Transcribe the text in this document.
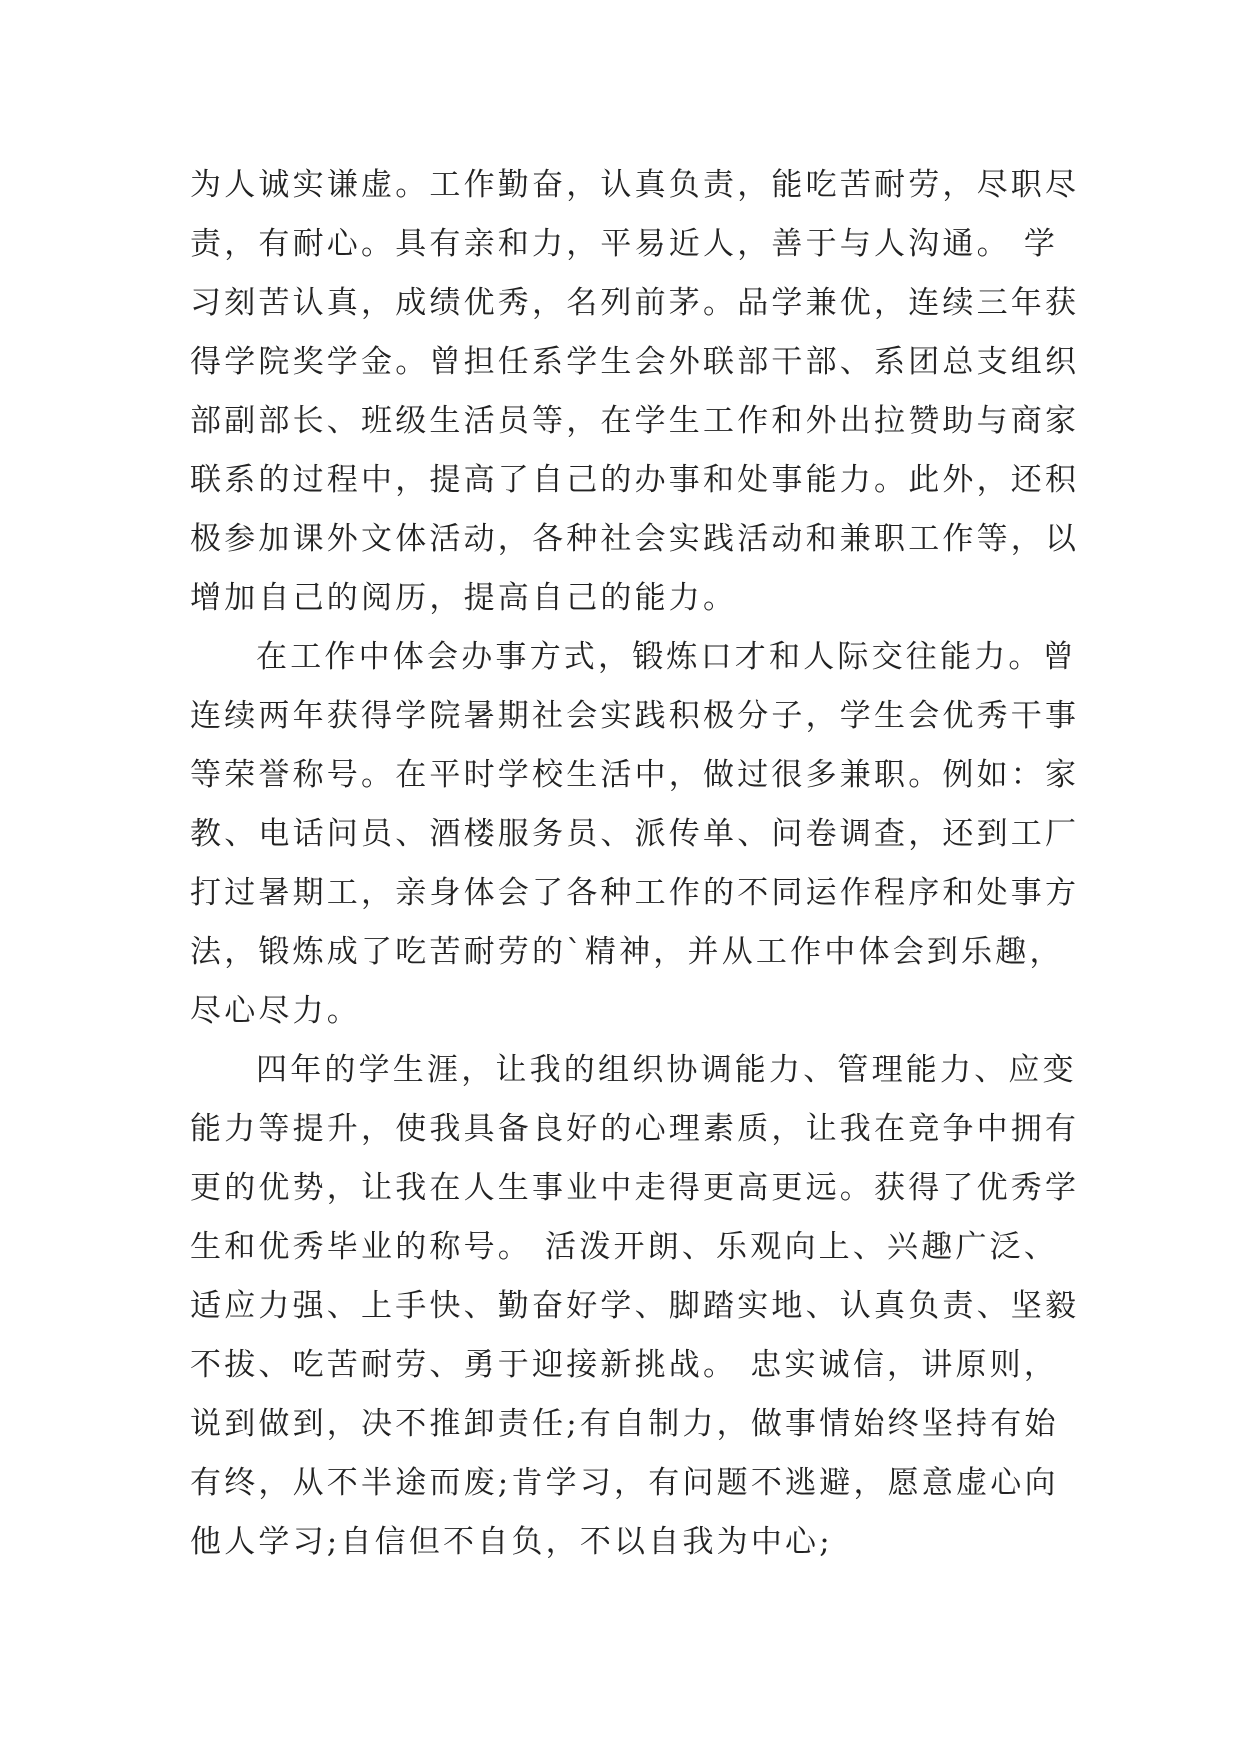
为人诚实谦虚。工作勤奋，认真负责，能吃苦耐劳，尽职尽
责，有耐心。具有亲和力，平易近人，善于与人沟通。 学
习刻苦认真，成绩优秀，名列前茅。品学兼优，连续三年获
得学院奖学金。曾担任系学生会外联部干部、系团总支组织
部副部长、班级生活员等，在学生工作和外出拉赞助与商家
联系的过程中，提高了自己的办事和处事能力。此外，还积
极参加课外文体活动，各种社会实践活动和兼职工作等，以
增加自己的阅历，提高自己的能力。
在工作中体会办事方式，锻炼口才和人际交往能力。曾
连续两年获得学院暑期社会实践积极分子，学生会优秀干事
等荣誉称号。在平时学校生活中，做过很多兼职。例如：家
教、电话问员、酒楼服务员、派传单、问卷调查，还到工厂
打过暑期工，亲身体会了各种工作的不同运作程序和处事方
法，锻炼成了吃苦耐劳的`精神，并从工作中体会到乐趣，
尽心尽力。
四年的学生涯，让我的组织协调能力、管理能力、应变
能力等提升，使我具备良好的心理素质，让我在竞争中拥有
更的优势，让我在人生事业中走得更高更远。获得了优秀学
生和优秀毕业的称号。 活泼开朗、乐观向上、兴趣广泛、
适应力强、上手快、勤奋好学、脚踏实地、认真负责、坚毅
不拔、吃苦耐劳、勇于迎接新挑战。 忠实诚信，讲原则，
说到做到，决不推卸责任;有自制力，做事情始终坚持有始
有终，从不半途而废;肯学习，有问题不逃避，愿意虚心向
他人学习;自信但不自负，不以自我为中心;
